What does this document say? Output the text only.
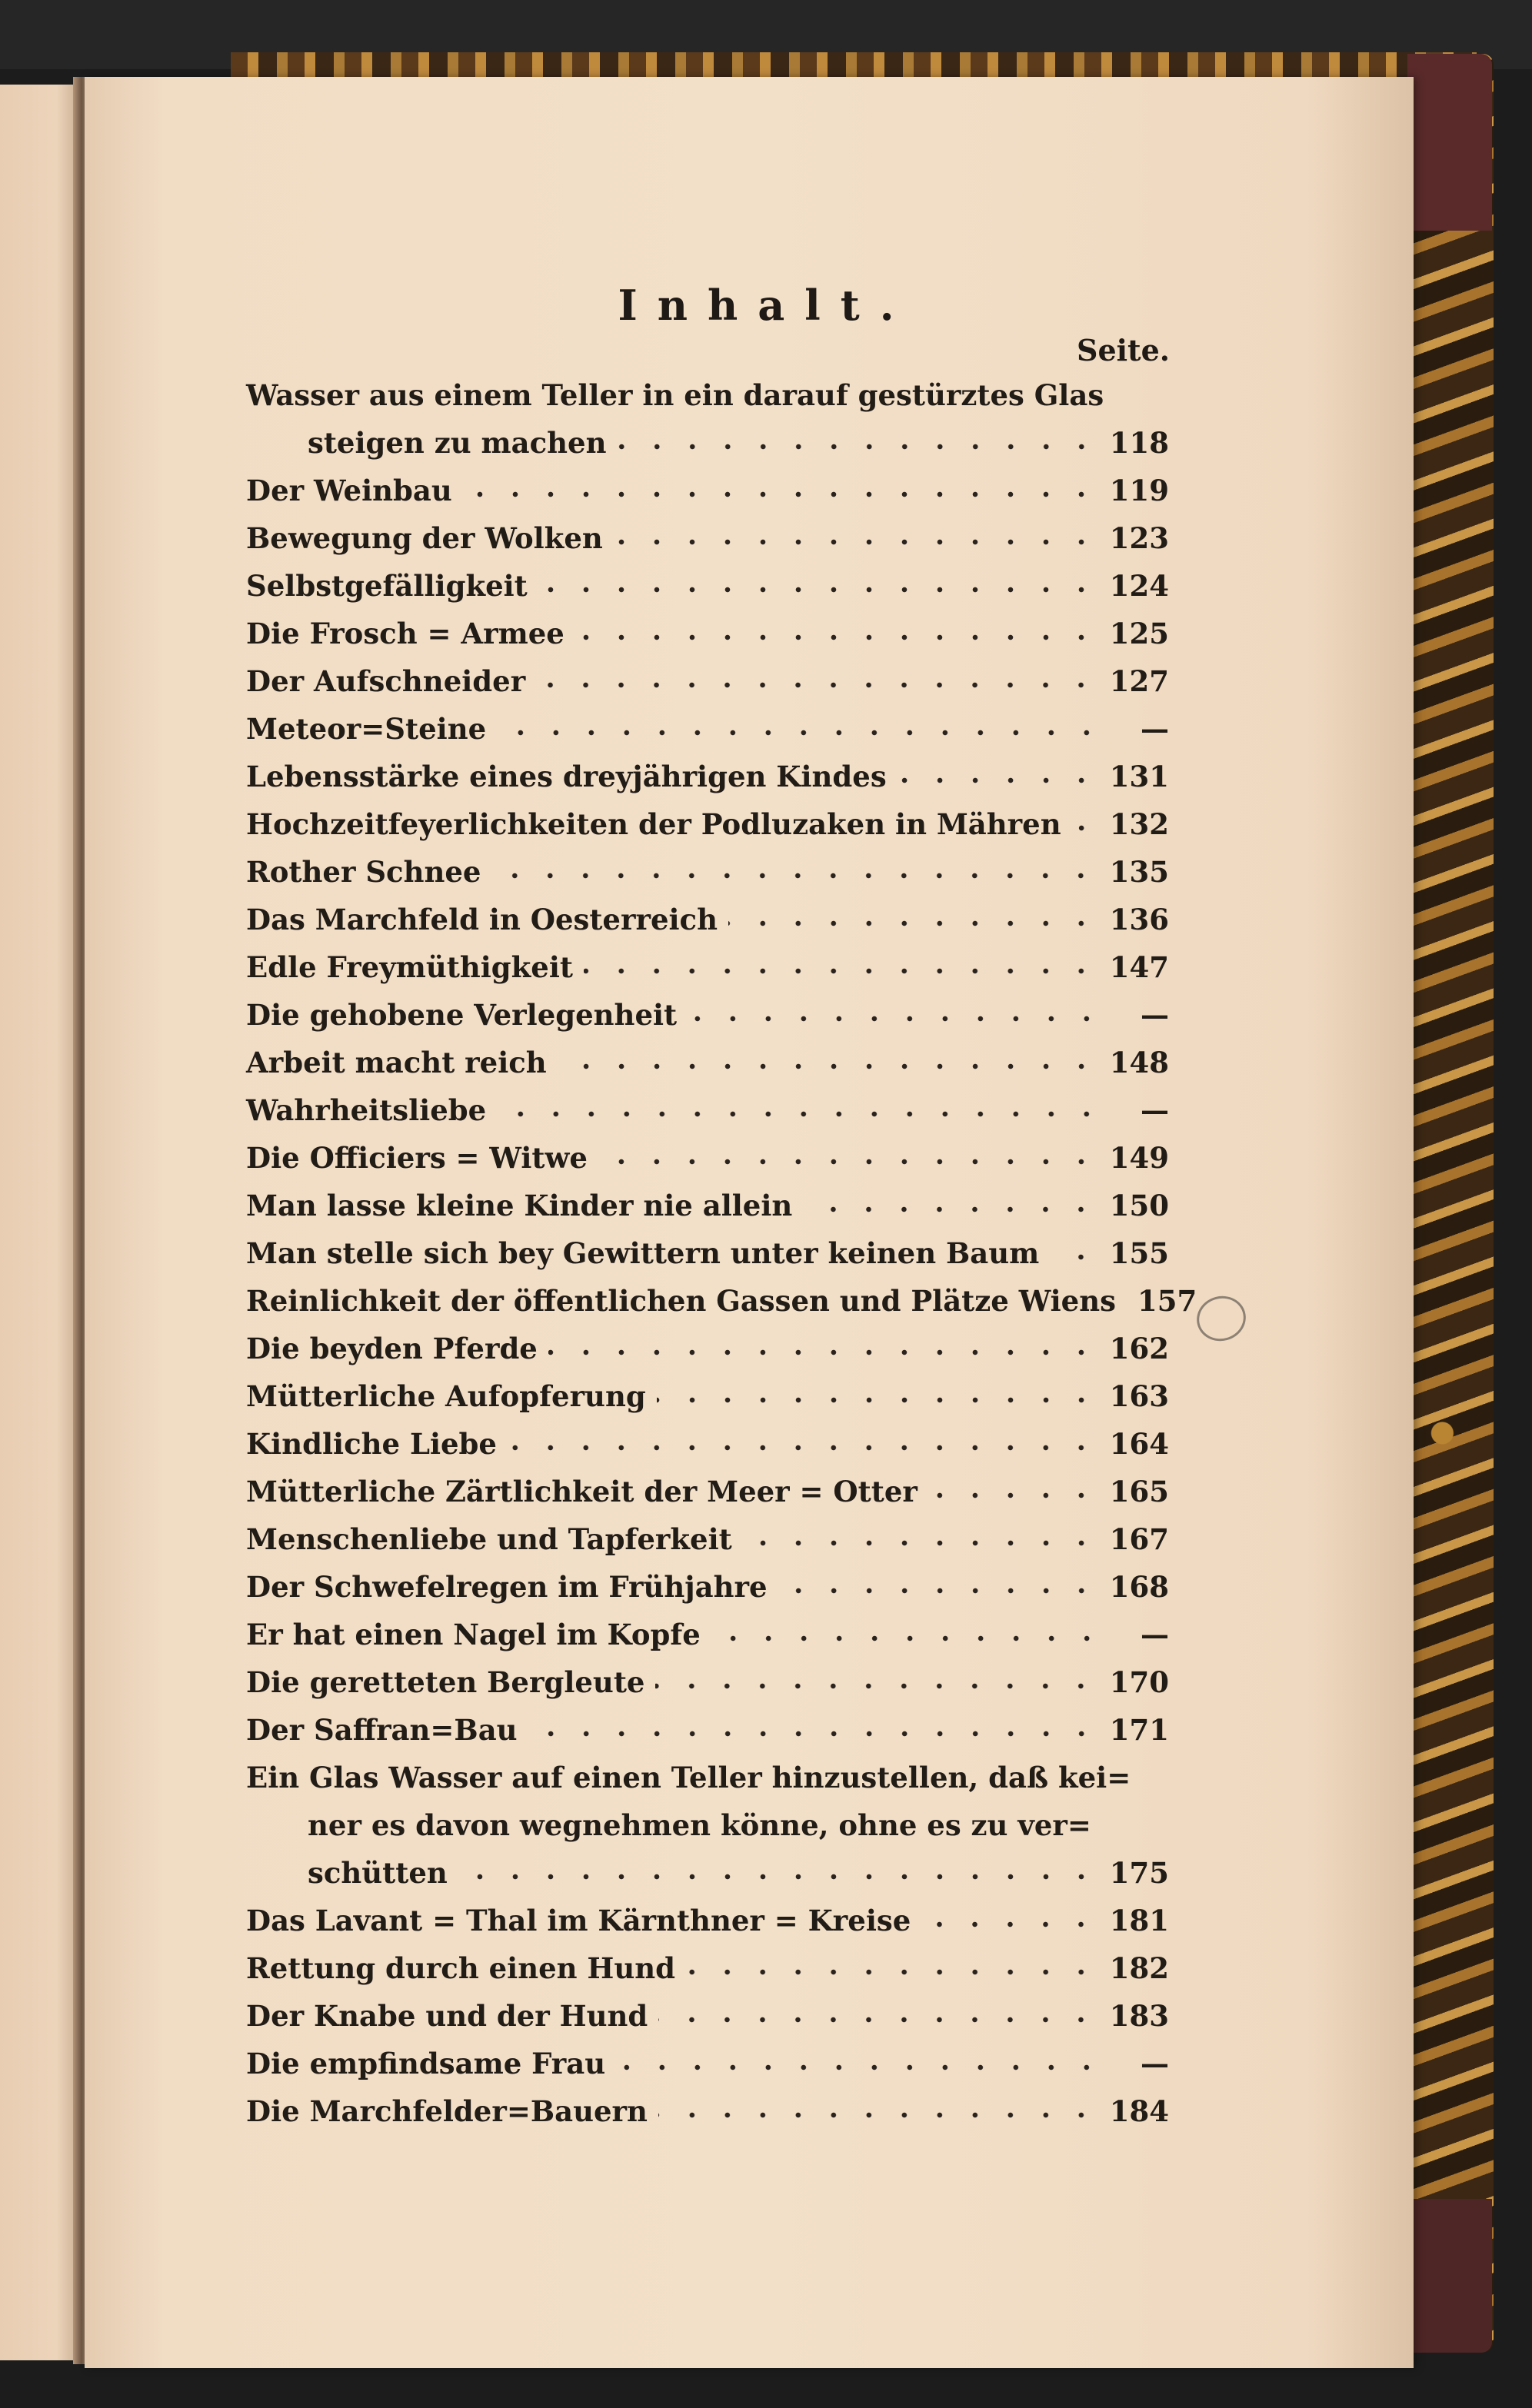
Inhalt.
Seite.
Wasser aus einem Teller in ein darauf gestürztes Glas
steigen zu machen	118
Der Weinbau	119
Bewegung der Wolken	123
Selbstgefälligkeit	124
Die Frosch = Armee	125
Der Aufschneider	127
Meteor=Steine	—
Lebensstärke eines dreyjährigen Kindes	131
Hochzeitfeyerlichkeiten der Podluzaken in Mähren 132
Rother Schnee	135
Das Marchfeld in Oesterreich	136
Edle Freymüthigkeit	147
Die gehobene Verlegenheit	—
Arbeit macht reich	148
Wahrheitsliebe	—
Die Officiers = Witwe	149
Man lasse kleine Kinder nie allein	150
Man stelle sich bey Gewittern unter keinen Baum 155
Reinlichkeit der öffentlichen Gassen und Plätze Wiens 157
Die beyden Pferde	162
Mütterliche Aufopferung	163
Kindliche Liebe	164
Mütterliche Zärtlichkeit der Meer = Otter	165
Menschenliebe und Tapferkeit	167
Der Schwefelregen im Frühjahre	168
Er hat einen Nagel im Kopfe	—
Die geretteten Bergleute	170
Der Saffran=Bau	171
Ein Glas Wasser auf einen Teller hinzustellen, daß kei=
ner es davon wegnehmen könne, ohne es zu ver=
schütten	175
Das Lavant = Thal im Kärnthner = Kreise	181
Rettung durch einen Hund	182
Der Knabe und der Hund	183
Die empfindsame Frau	—
Die Marchfelder=Bauern	184
